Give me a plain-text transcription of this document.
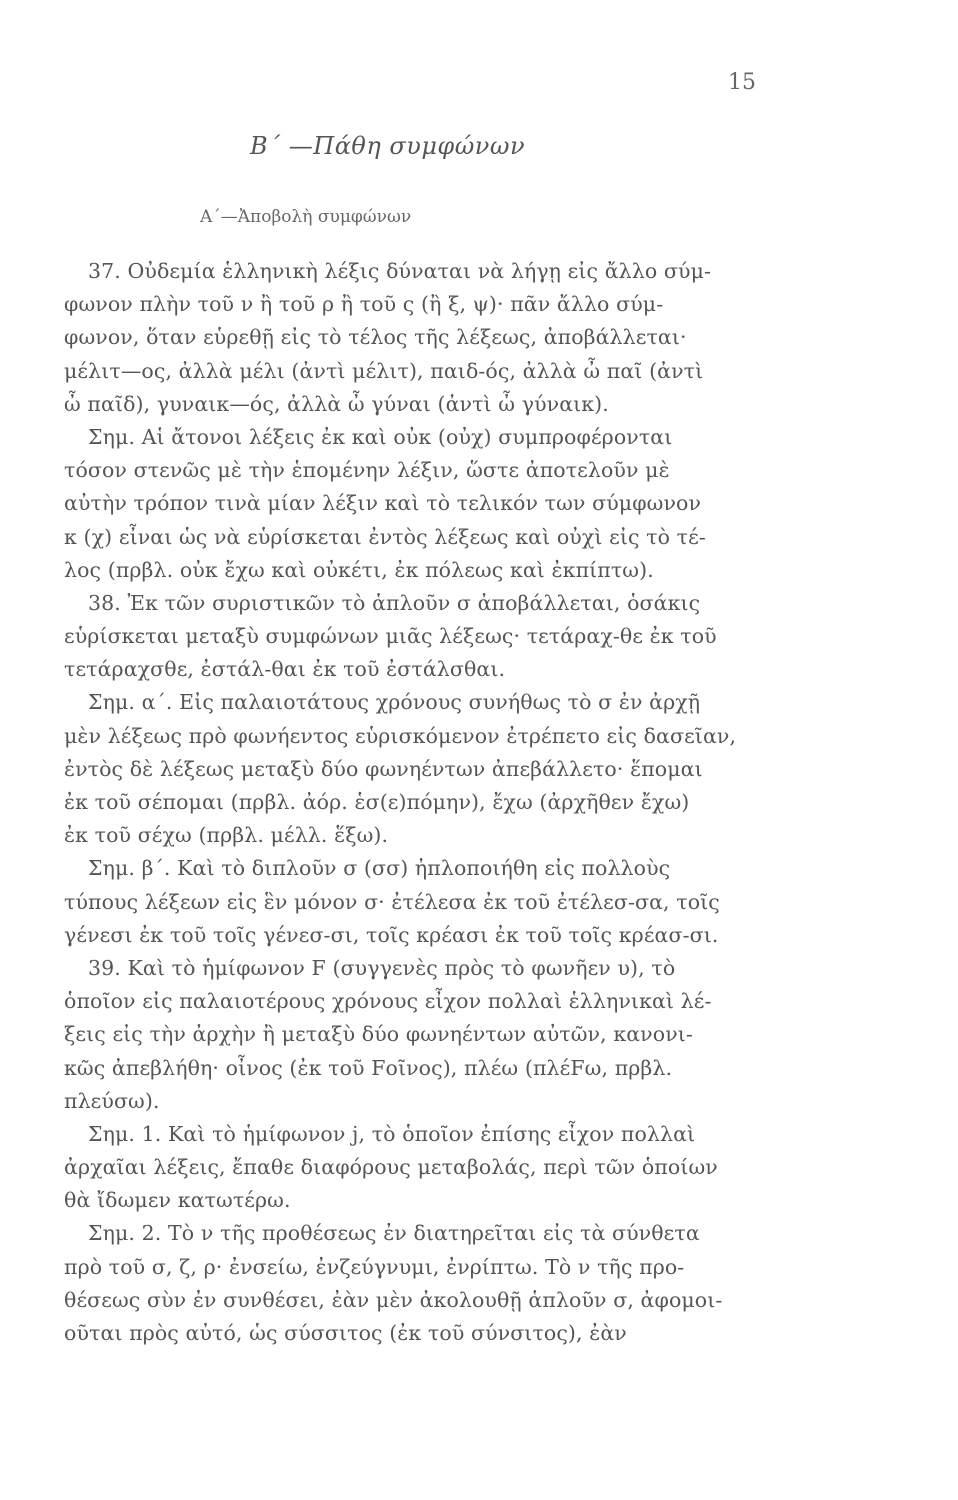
15
Β΄ —Πάθη συμφώνων
Α΄—Ἀποβολὴ συμφώνων
37. Οὐδεμία ἑλληνικὴ λέξις δύναται νὰ λήγῃ εἰς ἄλλο σύμ-
φωνον πλὴν τοῦ ν ἢ τοῦ ρ ἢ τοῦ ς (ἢ ξ, ψ)· πᾶν ἄλλο σύμ-
φωνον, ὅταν εὑρεθῇ εἰς τὸ τέλος τῆς λέξεως, ἀποβάλλεται·
μέλιτ—ος, ἀλλὰ μέλι (ἀντὶ μέλιτ), παιδ-ός, ἀλλὰ ὦ παῖ (ἀντὶ
ὦ παῖδ), γυναικ—ός, ἀλλὰ ὦ γύναι (ἀντὶ ὦ γύναικ).
Σημ. Αἱ ἄτονοι λέξεις ἐκ καὶ οὐκ (οὐχ) συμπροφέρονται
τόσον στενῶς μὲ τὴν ἑπομένην λέξιν, ὥστε ἀποτελοῦν μὲ
αὐτὴν τρόπον τινὰ μίαν λέξιν καὶ τὸ τελικόν των σύμφωνον
κ (χ) εἶναι ὡς νὰ εὑρίσκεται ἐντὸς λέξεως καὶ οὐχὶ εἰς τὸ τέ-
λος (πρβλ. οὐκ ἔχω καὶ οὐκέτι, ἐκ πόλεως καὶ ἐκπίπτω).
38. Ἐκ τῶν συριστικῶν τὸ ἁπλοῦν σ ἀποβάλλεται, ὁσάκις
εὑρίσκεται μεταξὺ συμφώνων μιᾶς λέξεως· τετάραχ-θε ἐκ τοῦ
τετάραχσθε, ἐστάλ-θαι ἐκ τοῦ ἐστάλσθαι.
Σημ. α΄. Εἰς παλαιοτάτους χρόνους συνήθως τὸ σ ἐν ἀρχῇ
μὲν λέξεως πρὸ φωνήεντος εὑρισκόμενον ἐτρέπετο εἰς δασεῖαν,
ἐντὸς δὲ λέξεως μεταξὺ δύο φωνηέντων ἀπεβάλλετο· ἕπομαι
ἐκ τοῦ σέπομαι (πρβλ. ἀόρ. ἑσ(ε)πόμην), ἔχω (ἀρχῆθεν ἔχω)
ἐκ τοῦ σέχω (πρβλ. μέλλ. ἕξω).
Σημ. β΄. Καὶ τὸ διπλοῦν σ (σσ) ἠπλοποιήθη εἰς πολλοὺς
τύπους λέξεων εἰς ἓν μόνον σ· ἐτέλεσα ἐκ τοῦ ἐτέλεσ-σα, τοῖς
γένεσι ἐκ τοῦ τοῖς γένεσ-σι, τοῖς κρέασι ἐκ τοῦ τοῖς κρέασ-σι.
39. Καὶ τὸ ἡμίφωνον F (συγγενὲς πρὸς τὸ φωνῆεν υ), τὸ
ὁποῖον εἰς παλαιοτέρους χρόνους εἶχον πολλαὶ ἑλληνικαὶ λέ-
ξεις εἰς τὴν ἀρχὴν ἢ μεταξὺ δύο φωνηέντων αὐτῶν, κανονι-
κῶς ἀπεβλήθη· οἶνος (ἐκ τοῦ Fοῖνος), πλέω (πλέFω, πρβλ.
πλεύσω).
Σημ. 1. Καὶ τὸ ἡμίφωνον j, τὸ ὁποῖον ἐπίσης εἶχον πολλαὶ
ἀρχαῖαι λέξεις, ἔπαθε διαφόρους μεταβολάς, περὶ τῶν ὁποίων
θὰ ἴδωμεν κατωτέρω.
Σημ. 2. Τὸ ν τῆς προθέσεως ἐν διατηρεῖται εἰς τὰ σύνθετα
πρὸ τοῦ σ, ζ, ρ· ἐνσείω, ἐνζεύγνυμι, ἐνρίπτω. Τὸ ν τῆς προ-
θέσεως σὺν ἐν συνθέσει, ἐὰν μὲν ἀκολουθῇ ἁπλοῦν σ, ἀφομοι-
οῦται πρὸς αὐτό, ὡς σύσσιτος (ἐκ τοῦ σύνσιτος), ἐὰν
